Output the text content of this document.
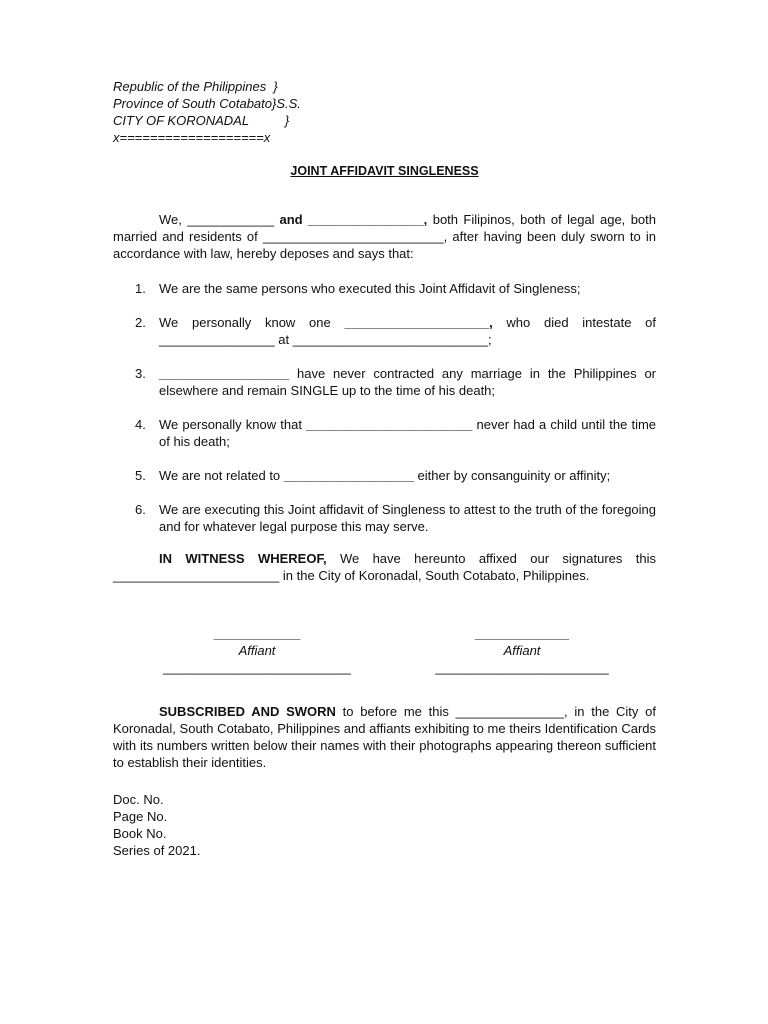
Republic of the Philippines  }
Province of South Cotabato}S.S.
CITY OF KORONADAL          }
x===================x
JOINT AFFIDAVIT SINGLENESS

We, ____________ and ________________, both Filipinos, both of legal age, both married and residents of _________________________, after having been duly sworn to in accordance with law, hereby deposes and says that:

1. We are the same persons who executed this Joint Affidavit of Singleness;
2. We personally know one ____________________, who died intestate of ________________ at ___________________________;
3. __________________ have never contracted any marriage in the Philippines or elsewhere and remain SINGLE up to the time of his death;
4. We personally know that _______________________ never had a child until the time of his death;
5. We are not related to __________________ either by consanguinity or affinity;
6. We are executing this Joint affidavit of Singleness to attest to the truth of the foregoing and for whatever legal purpose this may serve.

IN WITNESS WHEREOF, We have hereunto affixed our signatures this _______________________ in the City of Koronadal, South Cotabato, Philippines.

____________
Affiant
__________________________
_____________
Affiant
________________________

SUBSCRIBED AND SWORN to before me this _______________, in the City of Koronadal, South Cotabato, Philippines and affiants exhibiting to me theirs Identification Cards with its numbers written below their names with their photographs appearing thereon sufficient to establish their identities.

Doc. No.
Page No.
Book No.
Series of 2021.
